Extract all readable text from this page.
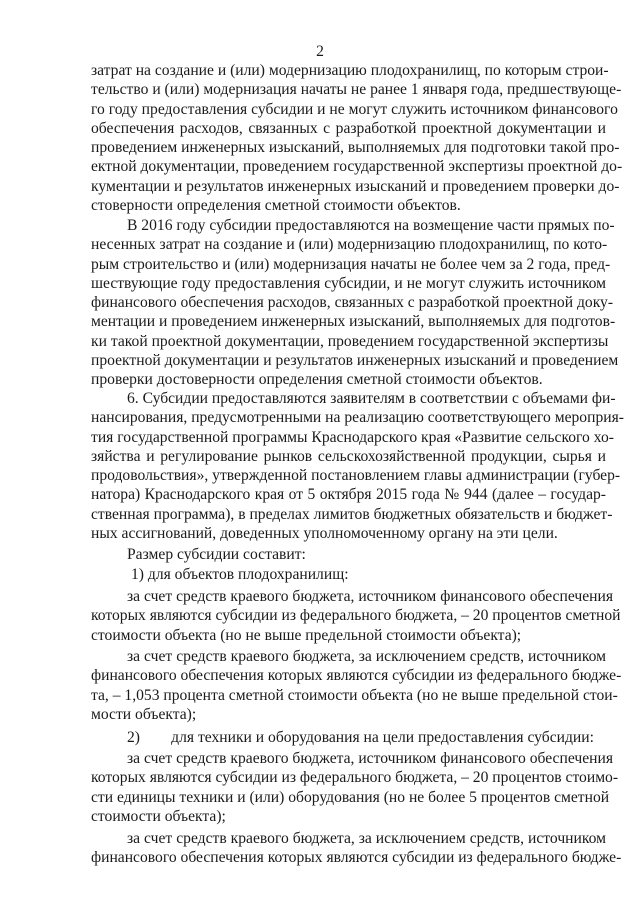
2
затрат на создание и (или) модернизацию плодохранилищ, по которым строи-
тельство и (или) модернизация начаты не ранее 1 января года, предшествующе-
го году предоставления субсидии и не могут служить источником финансового
обеспечения расходов, связанных с разработкой проектной документации и
проведением инженерных изысканий, выполняемых для подготовки такой про-
ектной документации, проведением государственной экспертизы проектной до-
кументации и результатов инженерных изысканий и проведением проверки до-
стоверности определения сметной стоимости объектов.
В 2016 году субсидии предоставляются на возмещение части прямых по-
несенных затрат на создание и (или) модернизацию плодохранилищ, по кото-
рым строительство и (или) модернизация начаты не более чем за 2 года, пред-
шествующие году предоставления субсидии, и не могут служить источником
финансового обеспечения расходов, связанных с разработкой проектной доку-
ментации и проведением инженерных изысканий, выполняемых для подготов-
ки такой проектной документации, проведением государственной экспертизы
проектной документации и результатов инженерных изысканий и проведением
проверки достоверности определения сметной стоимости объектов.
6. Субсидии предоставляются заявителям в соответствии с объемами фи-
нансирования, предусмотренными на реализацию соответствующего мероприя-
тия государственной программы Краснодарского края «Развитие сельского хо-
зяйства и регулирование рынков сельскохозяйственной продукции, сырья и
продовольствия», утвержденной постановлением главы администрации (губер-
натора) Краснодарского края от 5 октября 2015 года № 944 (далее – государ-
ственная программа), в пределах лимитов бюджетных обязательств и бюджет-
ных ассигнований, доведенных уполномоченному органу на эти цели.
Размер субсидии составит:
1) для объектов плодохранилищ:
за счет средств краевого бюджета, источником финансового обеспечения
которых являются субсидии из федерального бюджета, – 20 процентов сметной
стоимости объекта (но не выше предельной стоимости объекта);
за счет средств краевого бюджета, за исключением средств, источником
финансового обеспечения которых являются субсидии из федерального бюдже-
та, – 1,053 процента сметной стоимости объекта (но не выше предельной стои-
мости объекта);
2)        для техники и оборудования на цели предоставления субсидии:
за счет средств краевого бюджета, источником финансового обеспечения
которых являются субсидии из федерального бюджета, – 20 процентов стоимо-
сти единицы техники и (или) оборудования (но не более 5 процентов сметной
стоимости объекта);
за счет средств краевого бюджета, за исключением средств, источником
финансового обеспечения которых являются субсидии из федерального бюдже-
